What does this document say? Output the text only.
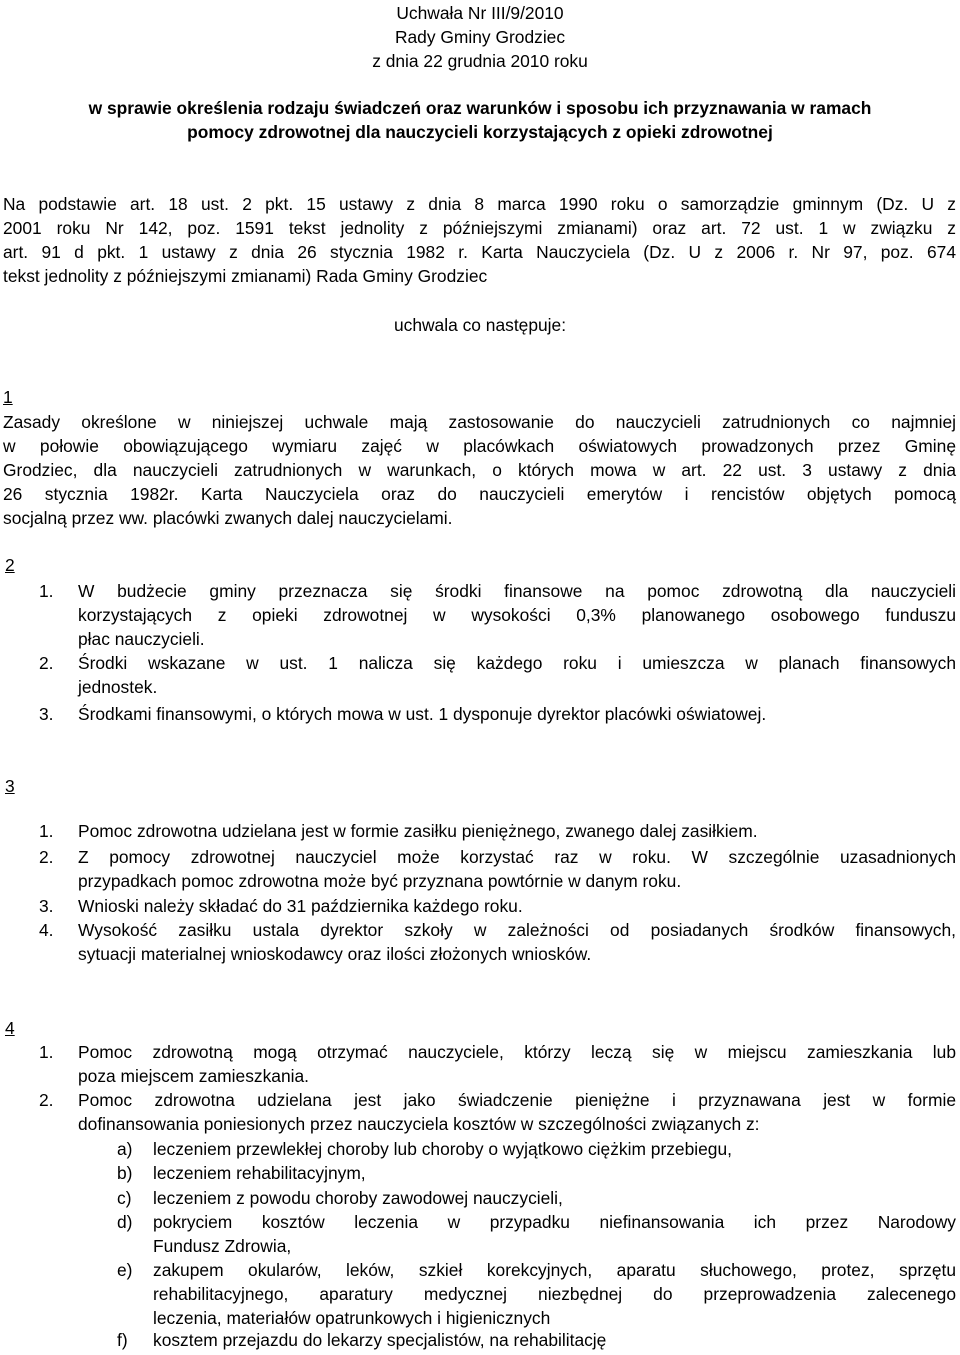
Uchwała Nr III/9/2010
Rady Gminy Grodziec
z dnia 22 grudnia 2010 roku
w sprawie określenia rodzaju świadczeń oraz warunków i sposobu ich przyznawania w ramach
pomocy zdrowotnej dla nauczycieli korzystających z opieki zdrowotnej
Na podstawie art. 18 ust. 2 pkt. 15 ustawy z dnia 8 marca 1990 roku o samorządzie gminnym (Dz. U z
2001 roku Nr 142, poz. 1591 tekst jednolity z późniejszymi zmianami) oraz art. 72 ust. 1 w związku z
art. 91 d pkt. 1 ustawy z dnia 26 stycznia 1982 r. Karta Nauczyciela (Dz. U z 2006 r. Nr 97, poz. 674
tekst jednolity z późniejszymi zmianami) Rada Gminy Grodziec
uchwala co następuje:
1
Zasady określone w niniejszej uchwale mają zastosowanie do nauczycieli zatrudnionych co najmniej
w połowie obowiązującego wymiaru zajęć w placówkach oświatowych prowadzonych przez Gminę
Grodziec, dla nauczycieli zatrudnionych w warunkach, o których mowa w art. 22 ust. 3 ustawy z dnia
26 stycznia 1982r. Karta Nauczyciela oraz do nauczycieli emerytów i rencistów objętych pomocą
socjalną przez ww. placówki zwanych dalej nauczycielami.
2
1. W budżecie gminy przeznacza się środki finansowe na pomoc zdrowotną dla nauczycieli
korzystających z opieki zdrowotnej w wysokości 0,3% planowanego osobowego funduszu
płac nauczycieli.
2. Środki wskazane w ust. 1 nalicza się każdego roku i umieszcza w planach finansowych
jednostek.
3. Środkami finansowymi, o których mowa w ust. 1 dysponuje dyrektor placówki oświatowej.
3
1. Pomoc zdrowotna udzielana jest w formie zasiłku pieniężnego, zwanego dalej zasiłkiem.
2. Z pomocy zdrowotnej nauczyciel może korzystać raz w roku. W szczególnie uzasadnionych
przypadkach pomoc zdrowotna może być przyznana powtórnie w danym roku.
3. Wnioski należy składać do 31 października każdego roku.
4. Wysokość zasiłku ustala dyrektor szkoły w zależności od posiadanych środków finansowych,
sytuacji materialnej wnioskodawcy oraz ilości złożonych wniosków.
4
1. Pomoc zdrowotną mogą otrzymać nauczyciele, którzy leczą się w miejscu zamieszkania lub
poza miejscem zamieszkania.
2. Pomoc zdrowotna udzielana jest jako świadczenie pieniężne i przyznawana jest w formie
dofinansowania poniesionych przez nauczyciela kosztów w szczególności związanych z:
a) leczeniem przewlekłej choroby lub choroby o wyjątkowo ciężkim przebiegu,
b) leczeniem rehabilitacyjnym,
c) leczeniem z powodu choroby zawodowej nauczycieli,
d) pokryciem kosztów leczenia w przypadku niefinansowania ich przez Narodowy
Fundusz Zdrowia,
e) zakupem okularów, leków, szkieł korekcyjnych, aparatu słuchowego, protez, sprzętu
rehabilitacyjnego, aparatury medycznej niezbędnej do przeprowadzenia zalecenego
leczenia, materiałów opatrunkowych i higienicznych
f) kosztem przejazdu do lekarzy specjalistów, na rehabilitację
